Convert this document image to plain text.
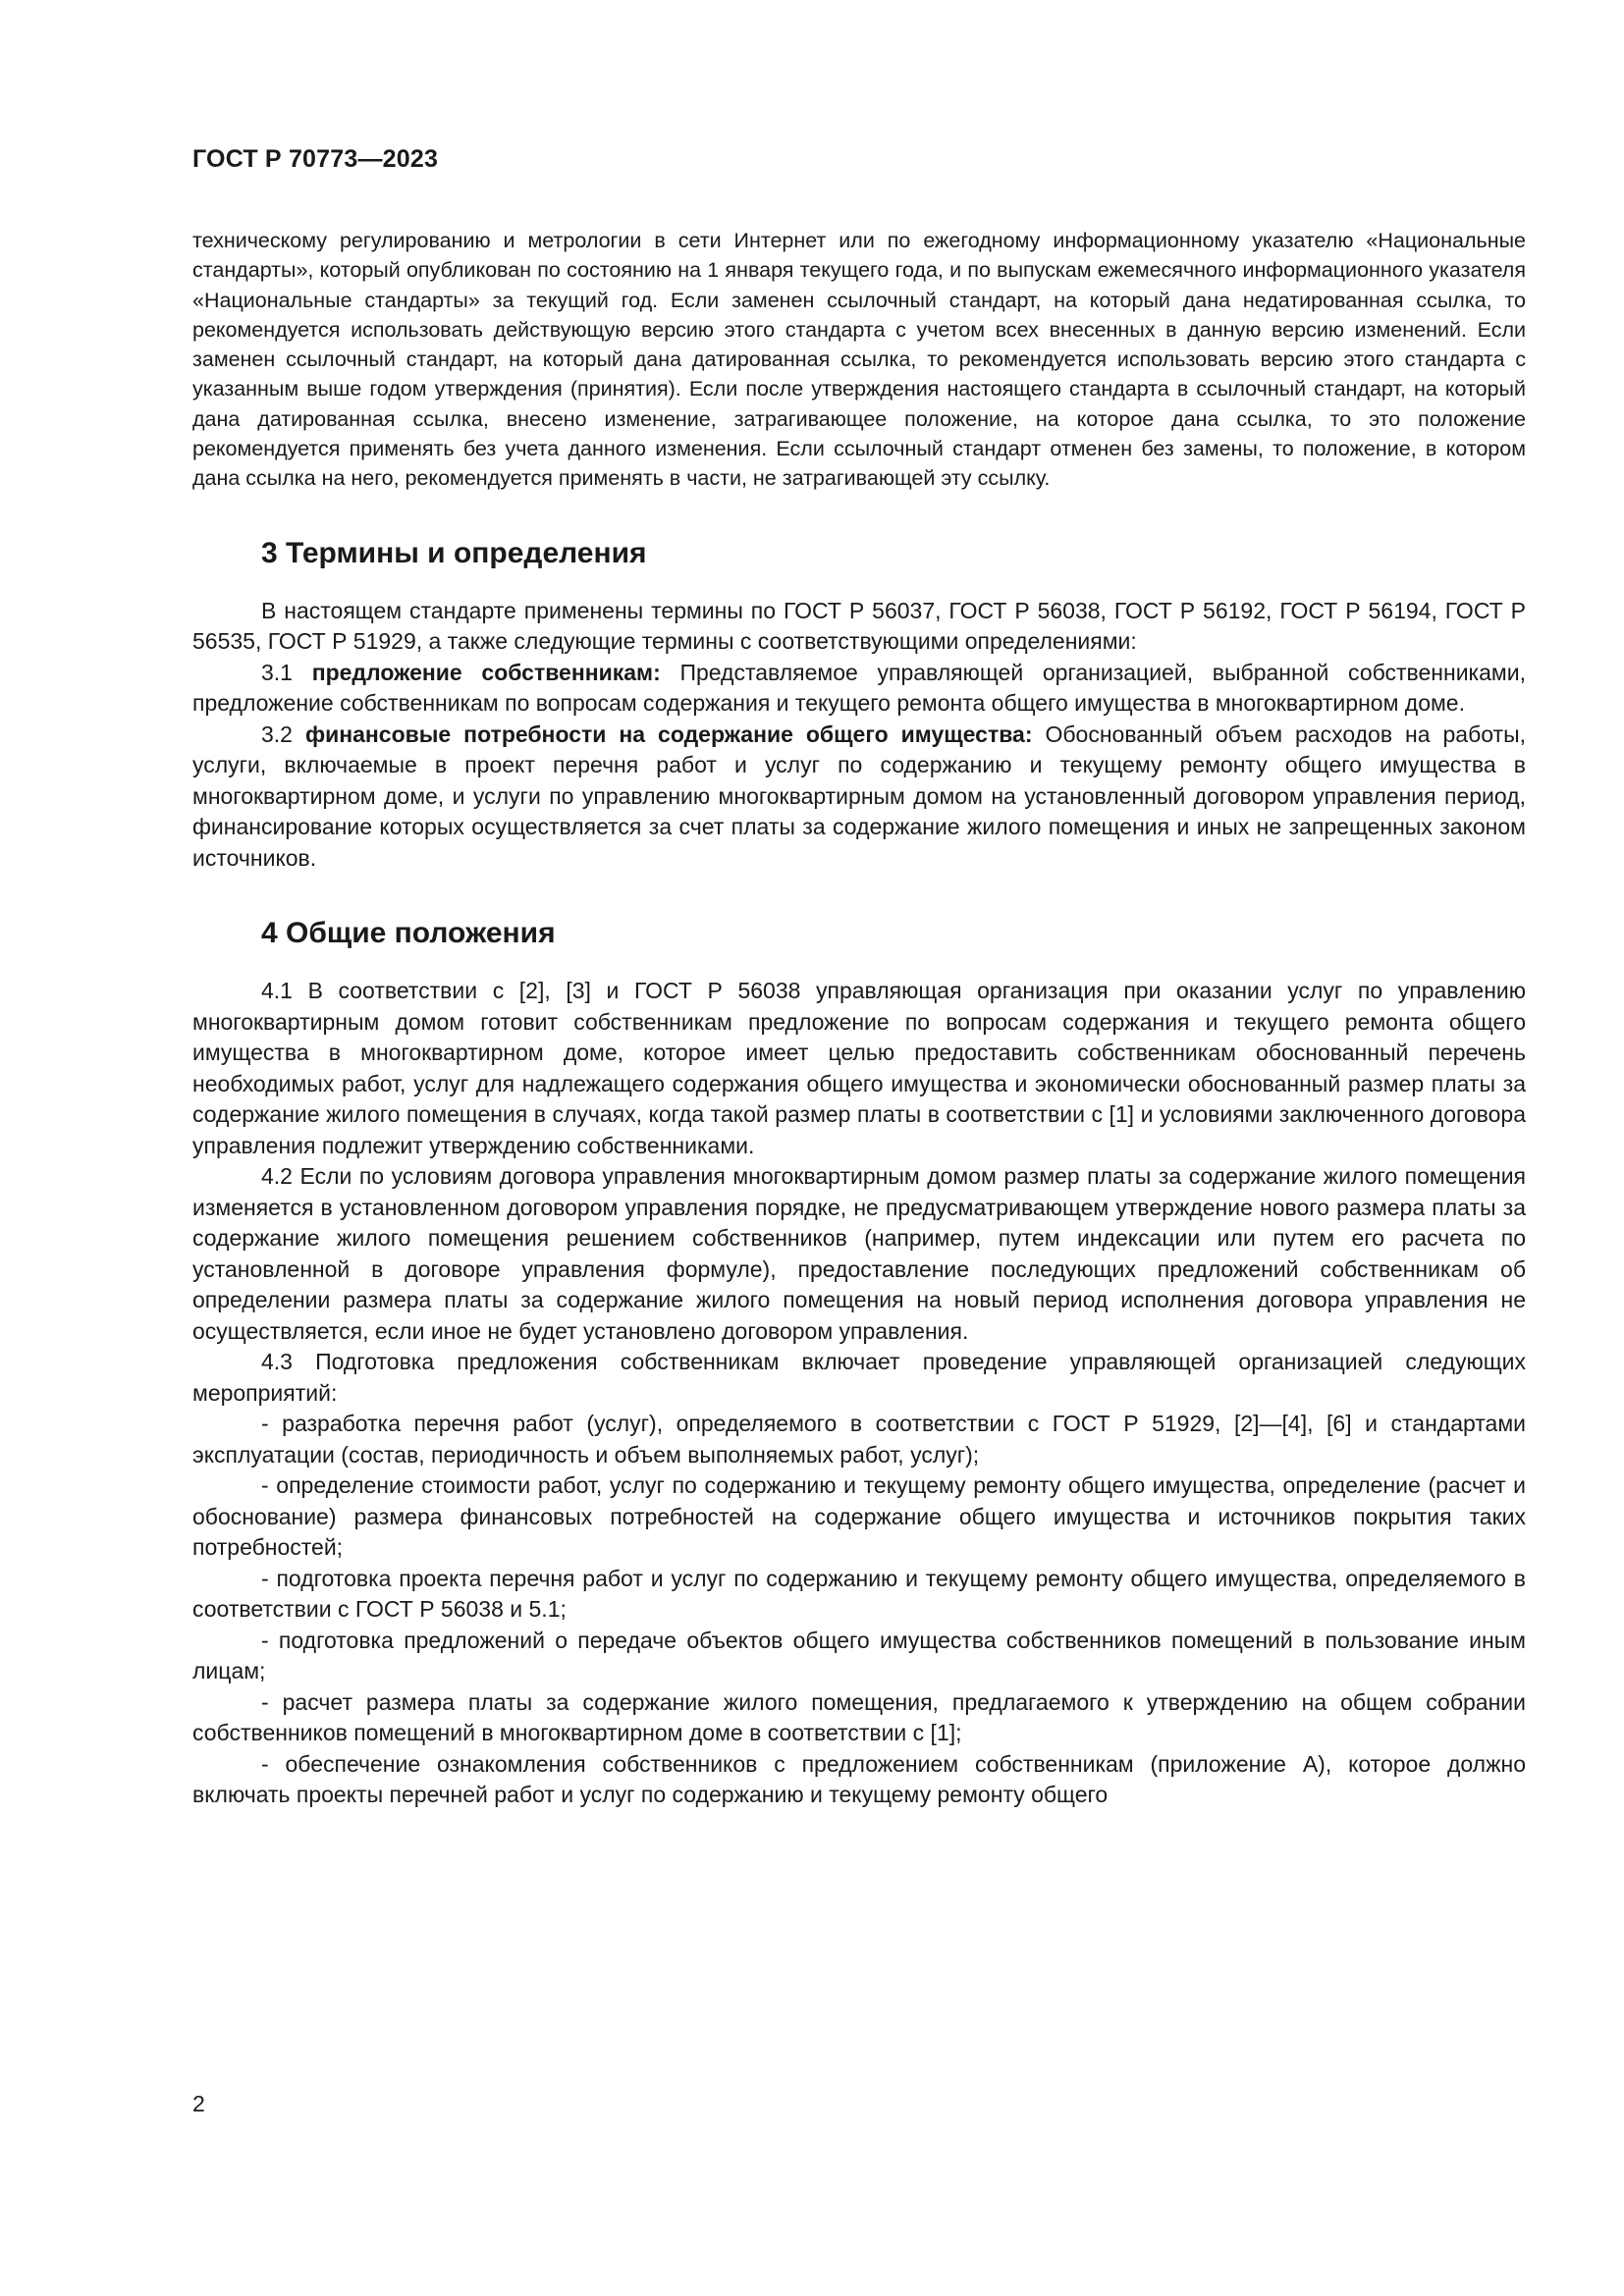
ГОСТ Р 70773—2023

техническому регулированию и метрологии в сети Интернет или по ежегодному информационному указателю «Национальные стандарты», который опубликован по состоянию на 1 января текущего года, и по выпускам ежемесячного информационного указателя «Национальные стандарты» за текущий год. Если заменен ссылочный стандарт, на который дана недатированная ссылка, то рекомендуется использовать действующую версию этого стандарта с учетом всех внесенных в данную версию изменений. Если заменен ссылочный стандарт, на который дана датированная ссылка, то рекомендуется использовать версию этого стандарта с указанным выше годом утверждения (принятия). Если после утверждения настоящего стандарта в ссылочный стандарт, на который дана датированная ссылка, внесено изменение, затрагивающее положение, на которое дана ссылка, то это положение рекомендуется применять без учета данного изменения. Если ссылочный стандарт отменен без замены, то положение, в котором дана ссылка на него, рекомендуется применять в части, не затрагивающей эту ссылку.

3 Термины и определения

В настоящем стандарте применены термины по ГОСТ Р 56037, ГОСТ Р 56038, ГОСТ Р 56192, ГОСТ Р 56194, ГОСТ Р 56535, ГОСТ Р 51929, а также следующие термины с соответствующими определениями:

3.1 предложение собственникам: Представляемое управляющей организацией, выбранной собственниками, предложение собственникам по вопросам содержания и текущего ремонта общего имущества в многоквартирном доме.

3.2 финансовые потребности на содержание общего имущества: Обоснованный объем расходов на работы, услуги, включаемые в проект перечня работ и услуг по содержанию и текущему ремонту общего имущества в многоквартирном доме, и услуги по управлению многоквартирным домом на установленный договором управления период, финансирование которых осуществляется за счет платы за содержание жилого помещения и иных не запрещенных законом источников.

4 Общие положения

4.1 В соответствии с [2], [3] и ГОСТ Р 56038 управляющая организация при оказании услуг по управлению многоквартирным домом готовит собственникам предложение по вопросам содержания и текущего ремонта общего имущества в многоквартирном доме, которое имеет целью предоставить собственникам обоснованный перечень необходимых работ, услуг для надлежащего содержания общего имущества и экономически обоснованный размер платы за содержание жилого помещения в случаях, когда такой размер платы в соответствии с [1] и условиями заключенного договора управления подлежит утверждению собственниками.

4.2 Если по условиям договора управления многоквартирным домом размер платы за содержание жилого помещения изменяется в установленном договором управления порядке, не предусматривающем утверждение нового размера платы за содержание жилого помещения решением собственников (например, путем индексации или путем его расчета по установленной в договоре управления формуле), предоставление последующих предложений собственникам об определении размера платы за содержание жилого помещения на новый период исполнения договора управления не осуществляется, если иное не будет установлено договором управления.

4.3 Подготовка предложения собственникам включает проведение управляющей организацией следующих мероприятий:

- разработка перечня работ (услуг), определяемого в соответствии с ГОСТ Р 51929, [2]—[4], [6] и стандартами эксплуатации (состав, периодичность и объем выполняемых работ, услуг);

- определение стоимости работ, услуг по содержанию и текущему ремонту общего имущества, определение (расчет и обоснование) размера финансовых потребностей на содержание общего имущества и источников покрытия таких потребностей;

- подготовка проекта перечня работ и услуг по содержанию и текущему ремонту общего имущества, определяемого в соответствии с ГОСТ Р 56038 и 5.1;

- подготовка предложений о передаче объектов общего имущества собственников помещений в пользование иным лицам;

- расчет размера платы за содержание жилого помещения, предлагаемого к утверждению на общем собрании собственников помещений в многоквартирном доме в соответствии с [1];

- обеспечение ознакомления собственников с предложением собственникам (приложение А), которое должно включать проекты перечней работ и услуг по содержанию и текущему ремонту общего

2
